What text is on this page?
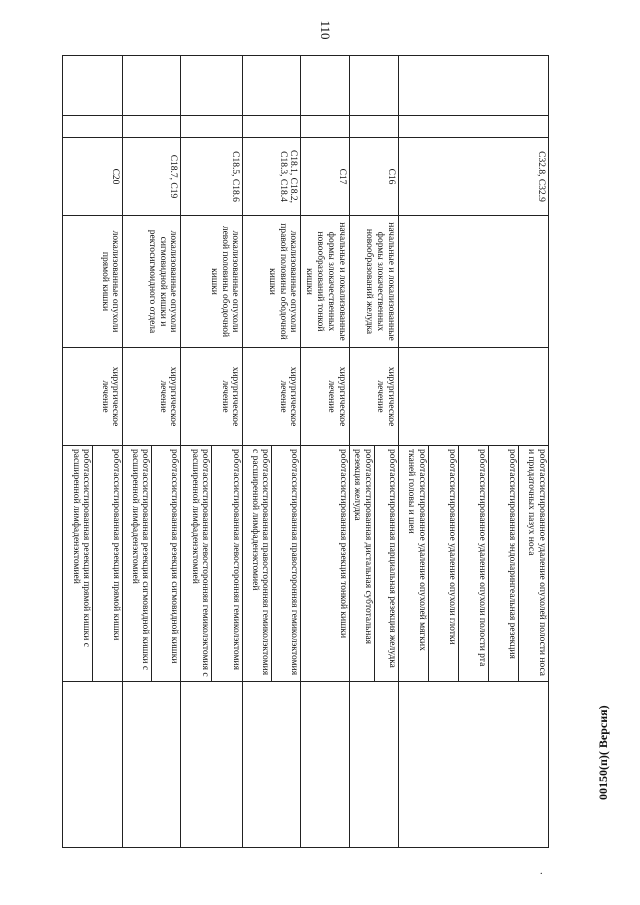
110
		C32.8, C32.9			роботассистированное удаление опухолей полости носа и придаточных пазух носа	
					роботассистированная эндоларингеальная резекция	
					роботассистированное удаление опухоли полости рта	
					роботассистированное удаление опухоли глотки	
					роботассистированное удаление опухолей мягких тканей головы и шеи	
		C16	начальные и локализованные формы злокачественных новообразований желудка	хирургическое лечение	роботассистированная парциальная резекция желудка	
					роботассистированная дистальная субтотальная резекция желудка	
		C17	начальные и локализованные формы злокачественных новообразований тонкой кишки	хирургическое лечение	роботассистированная резекция тонкой кишки	
		C18.1, C18.2, C18.3, C18.4	локализованные опухоли правой половины ободочной кишки	хирургическое лечение	роботассистированная правосторонняя гемиколэктомия	
					роботассистированная правосторонняя гемиколэктомия с расширенной лимфаденэктомией	
		C18.5, C18.6	локализованные опухоли левой половины ободочной кишки	хирургическое лечение	роботассистированная левосторонняя гемиколэктомия	
					роботассистированная левосторонняя гемиколэктомия с расширенной лимфаденэктомией	
		C18.7, C19	локализованные опухоли сигмовидной кишки и ректосигмоидного отдела	хирургическое лечение	роботассистированная резекция сигмовидной кишки	
					роботассистированная резекция сигмовидной кишки с расширенной лимфаденэктомией	
		C20	локализованные опухоли прямой кишки	хирургическое лечение	роботассистированная резекция прямой кишки	
					роботассистированная резекция прямой кишки с расширенной лимфаденэктомией	
.
00150(п)( Версия)
